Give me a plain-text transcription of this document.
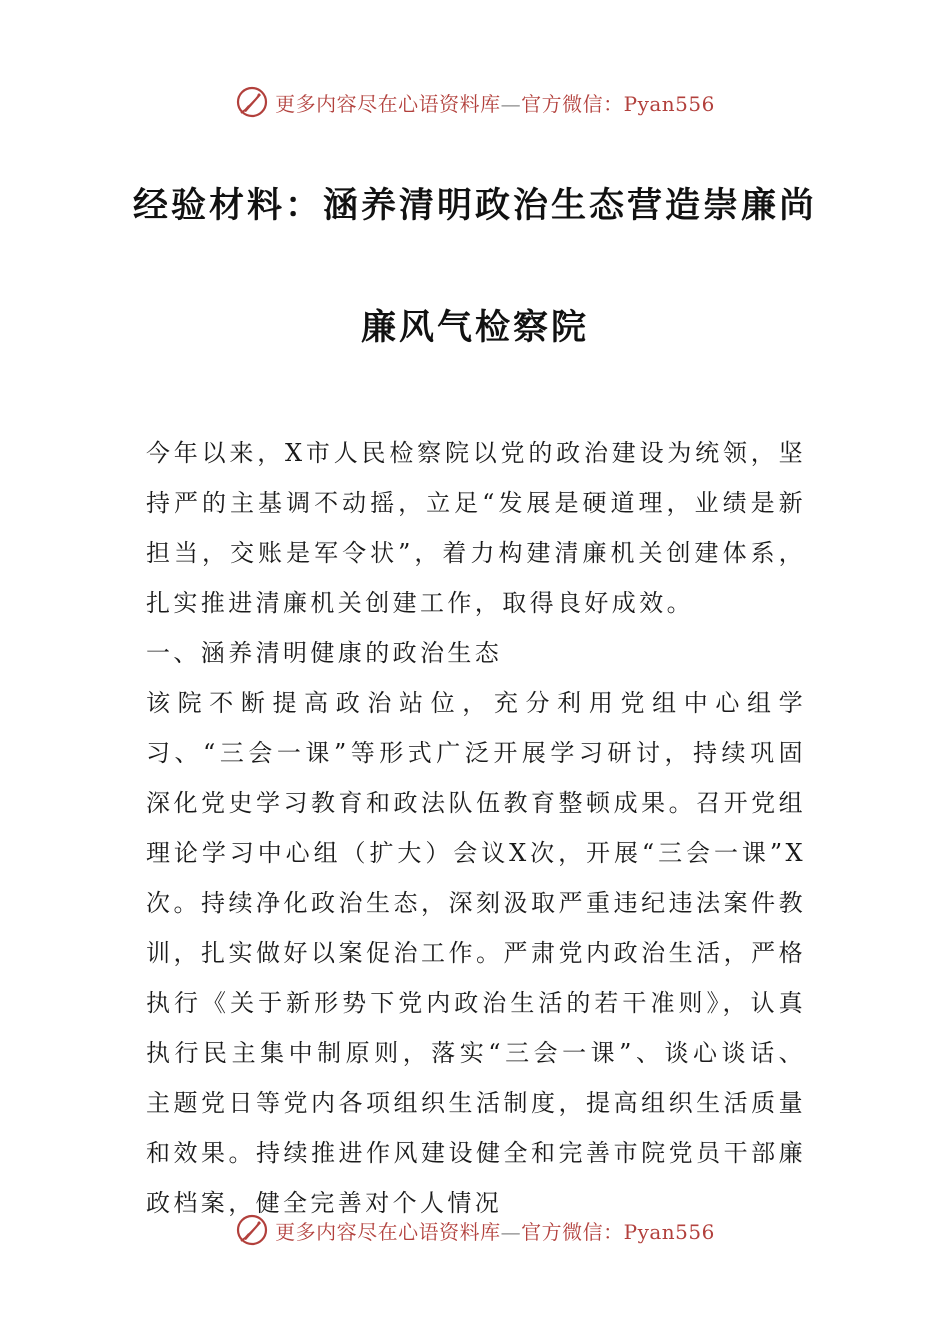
更多内容尽在心语资料库—官方微信：Pyan556
经验材料：涵养清明政治生态营造崇廉尚
廉风气检察院

今年以来，X市人民检察院以党的政治建设为统领，坚持严的主基调不动摇，立足“发展是硬道理，业绩是新担当，交账是军令状”，着力构建清廉机关创建体系，扎实推进清廉机关创建工作，取得良好成效。

一、涵养清明健康的政治生态

该院不断提高政治站位，充分利用党组中心组学习、“三会一课”等形式广泛开展学习研讨，持续巩固深化党史学习教育和政法队伍教育整顿成果。召开党组理论学习中心组（扩大）会议X次，开展“三会一课”X次。持续净化政治生态，深刻汲取严重违纪违法案件教训，扎实做好以案促治工作。严肃党内政治生活，严格执行《关于新形势下党内政治生活的若干准则》，认真执行民主集中制原则，落实“三会一课”、谈心谈话、主题党日等党内各项组织生活制度，提高组织生活质量和效果。持续推进作风建设健全和完善市院党员干部廉政档案，健全完善对个人情况

更多内容尽在心语资料库—官方微信：Pyan556
